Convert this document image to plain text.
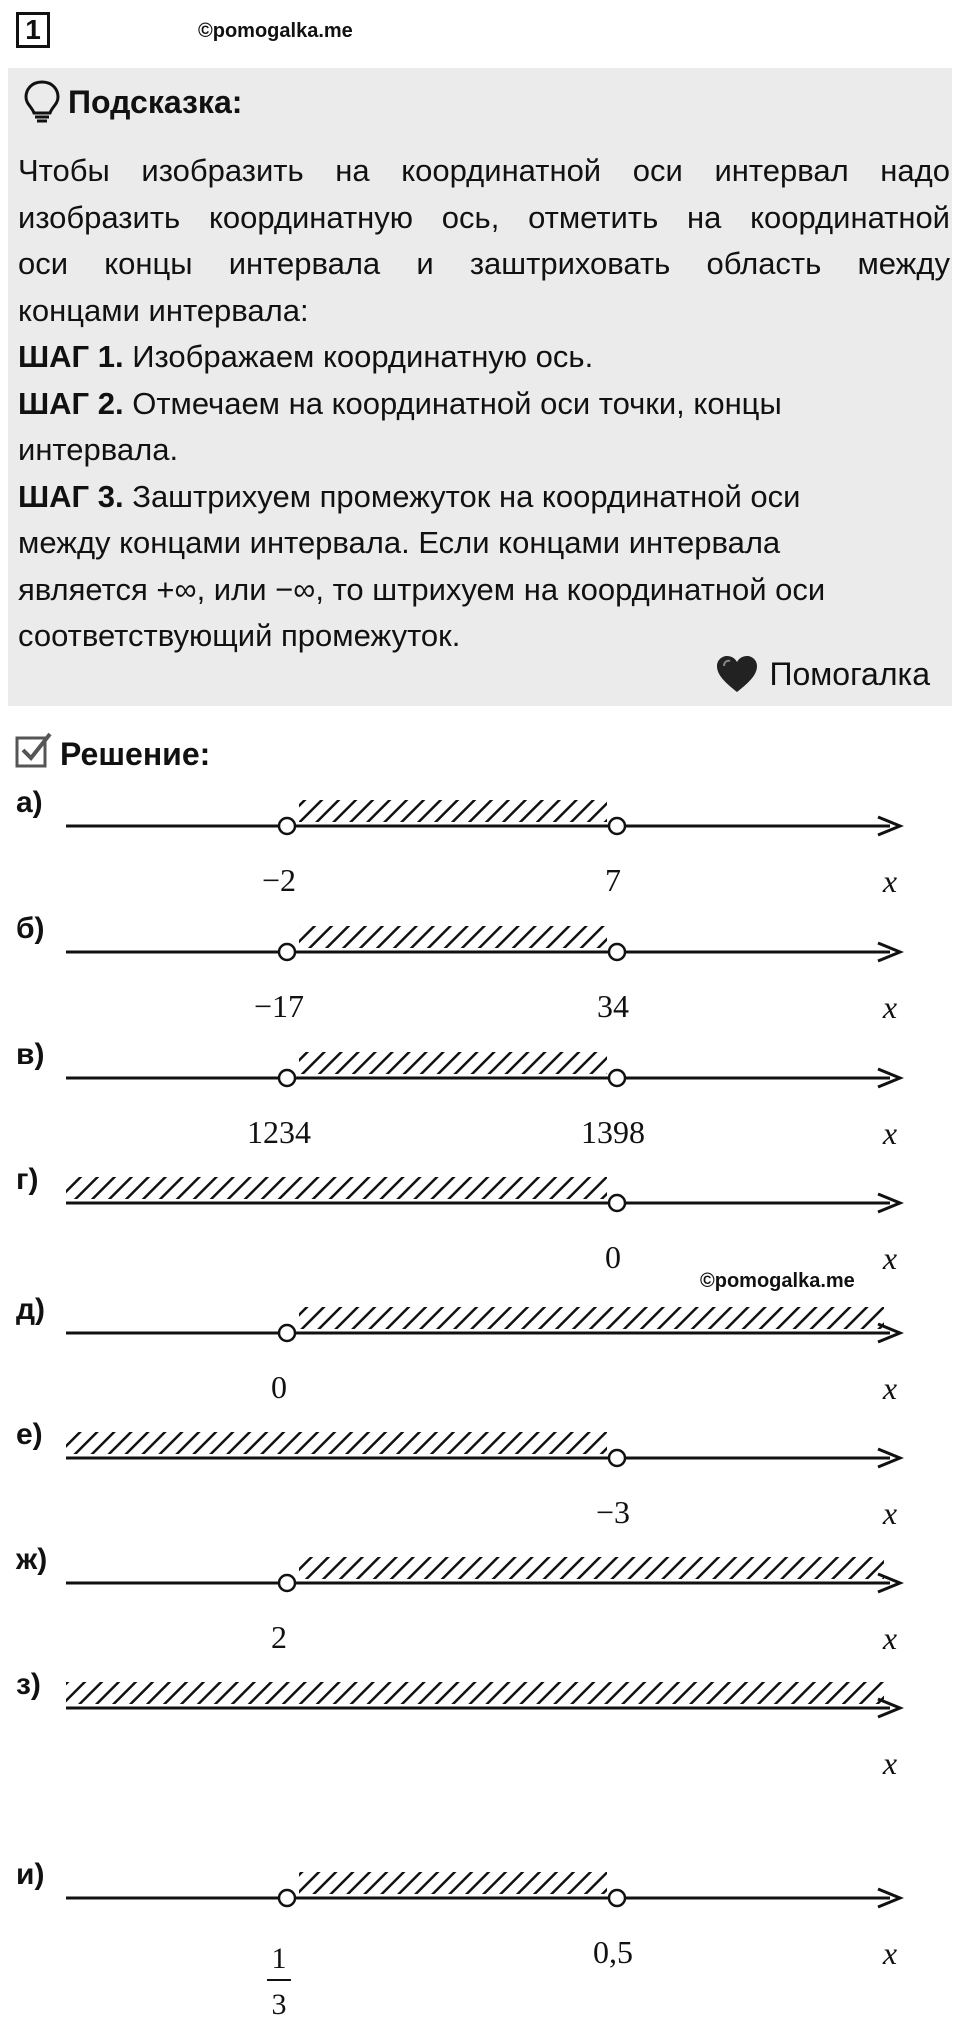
1	©pomogalka.me
Подсказка:

Чтобы изобразить на координатной оси интервал надо

изобразить координатную ось, отметить на координатной

оси концы интервала и заштриховать область между

концами интервала:

ШАГ 1. Изображаем координатную ось.

ШАГ 2. Отмечаем на координатной оси точки, концы

интервала.

ШАГ 3. Заштрихуем промежуток на координатной оси

между концами интервала. Если концами интервала

является +∞, или −∞, то штрихуем на координатной оси

соответствующий промежуток.

Помогалка
Решение:
©pomogalka.me
а)
б)
в)
г)
д)
е)
ж)
з)
и)
−2	7	x
−17	34	x
1234	1398	x
0	x
0	x
−3	x
2	x
x
1
3
0,5	x
